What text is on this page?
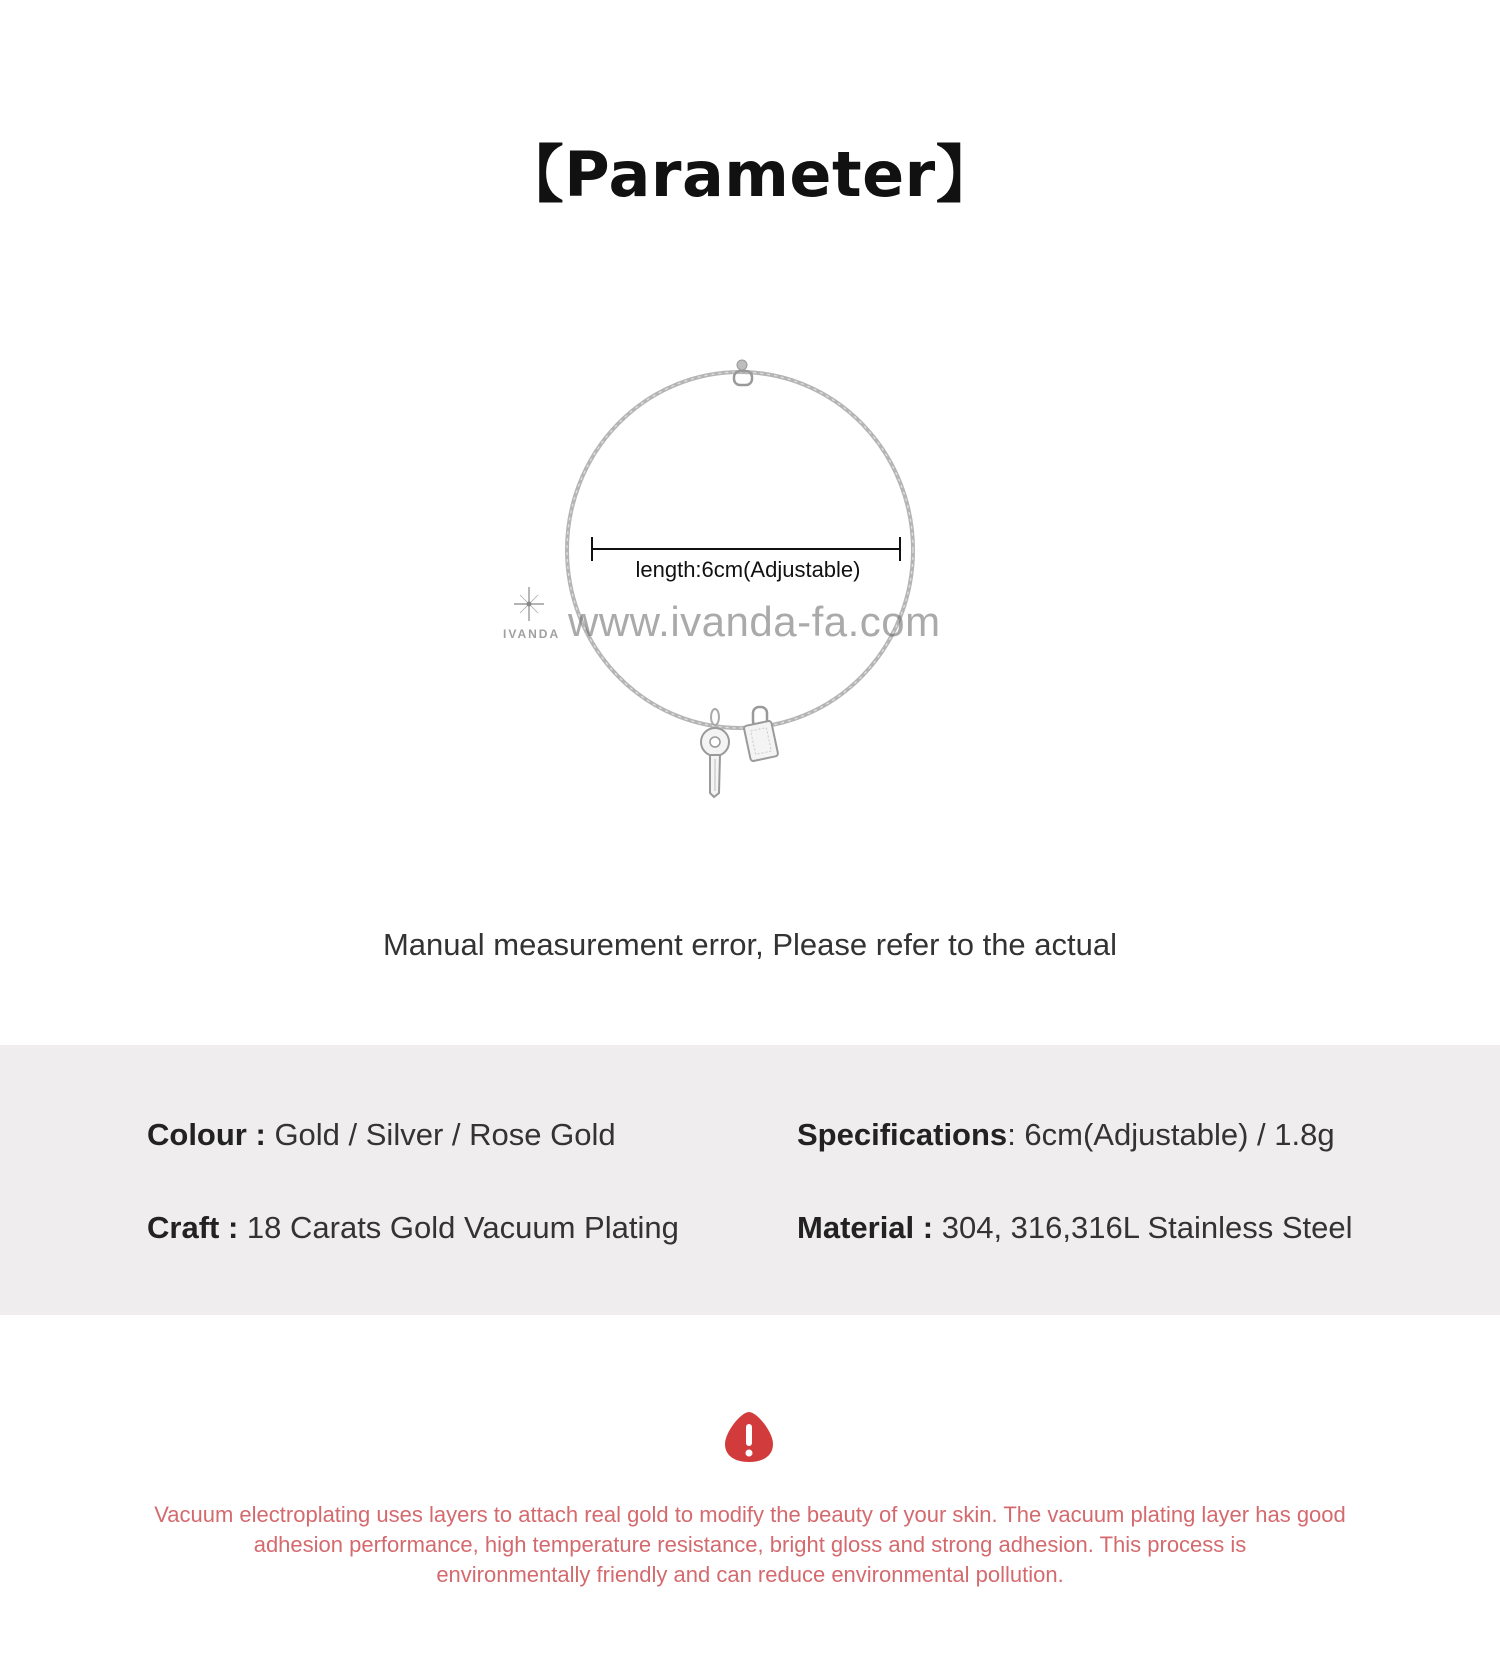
【Parameter】
length:6cm(Adjustable)
IVANDA www.ivanda-fa.com
Manual measurement error, Please refer to the actual
Colour : Gold / Silver / Rose Gold	Specifications: 6cm(Adjustable) / 1.8g
Craft : 18 Carats Gold Vacuum Plating	Material : 304, 316,316L Stainless Steel
Vacuum electroplating uses layers to attach real gold to modify the beauty of your skin. The vacuum plating layer has good
adhesion performance, high temperature resistance, bright gloss and strong adhesion. This process is
environmentally friendly and can reduce environmental pollution.
